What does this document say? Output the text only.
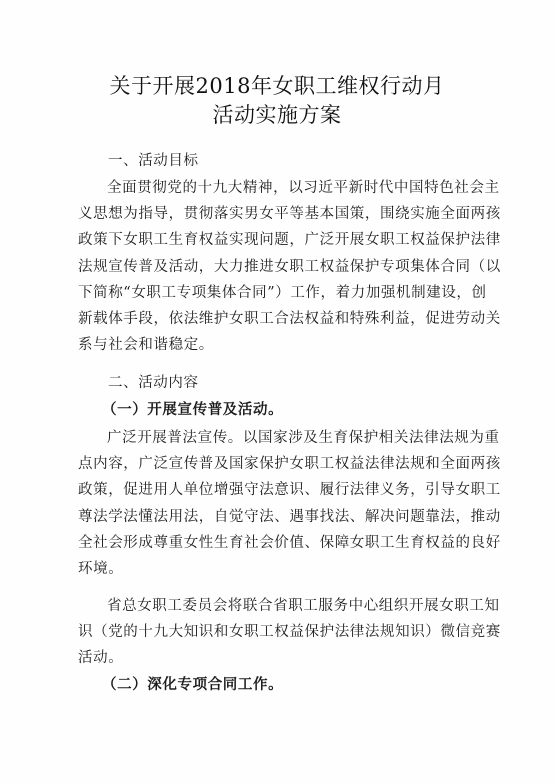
关于开展2018年女职工维权行动月
活动实施方案
一、活动目标
全面贯彻党的十九大精神，以习近平新时代中国特色社会主
义思想为指导，贯彻落实男女平等基本国策，围绕实施全面两孩
政策下女职工生育权益实现问题，广泛开展女职工权益保护法律
法规宣传普及活动，大力推进女职工权益保护专项集体合同（以
下简称“女职工专项集体合同”）工作，着力加强机制建设，创
新载体手段，依法维护女职工合法权益和特殊利益，促进劳动关
系与社会和谐稳定。
二、活动内容
（一）开展宣传普及活动。
广泛开展普法宣传。以国家涉及生育保护相关法律法规为重
点内容，广泛宣传普及国家保护女职工权益法律法规和全面两孩
政策，促进用人单位增强守法意识、履行法律义务，引导女职工
尊法学法懂法用法，自觉守法、遇事找法、解决问题靠法，推动
全社会形成尊重女性生育社会价值、保障女职工生育权益的良好
环境。
省总女职工委员会将联合省职工服务中心组织开展女职工知
识（党的十九大知识和女职工权益保护法律法规知识）微信竞赛
活动。
（二）深化专项合同工作。
